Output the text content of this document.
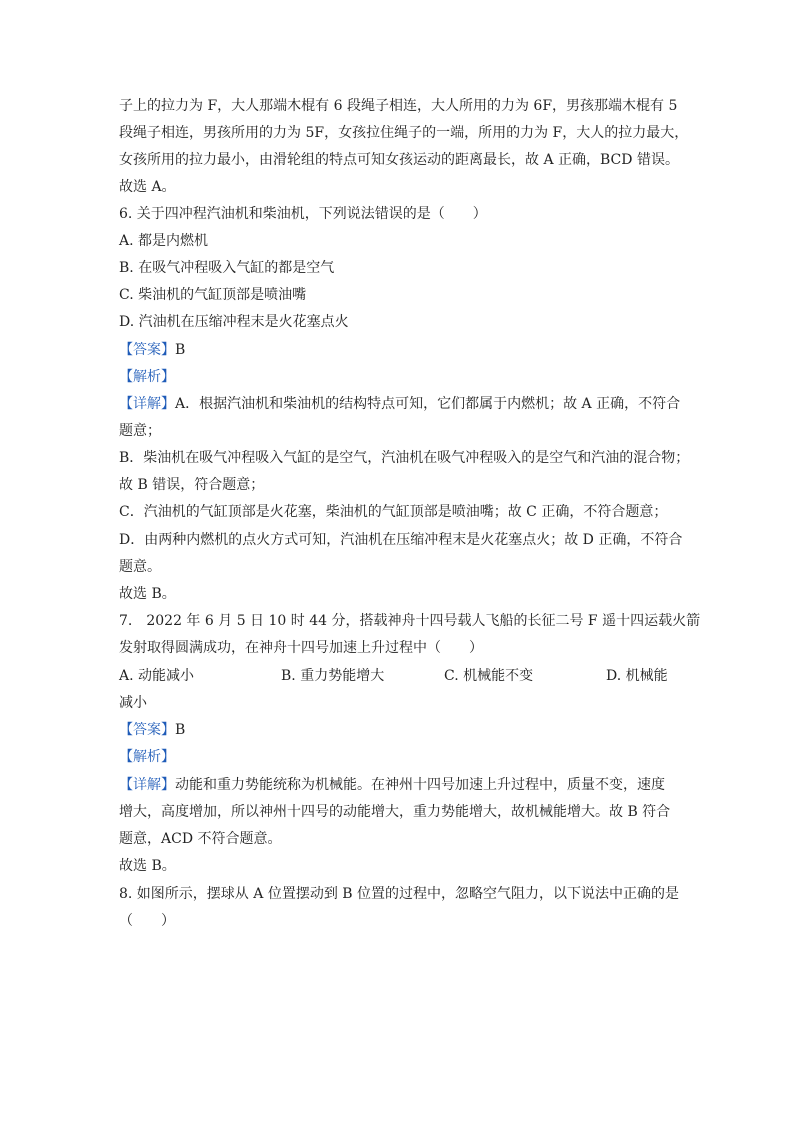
子上的拉力为 F，大人那端木棍有 6 段绳子相连，大人所用的力为 6F，男孩那端木棍有 5
段绳子相连，男孩所用的力为 5F，女孩拉住绳子的一端，所用的力为 F，大人的拉力最大，
女孩所用的拉力最小，由滑轮组的特点可知女孩运动的距离最长，故 A 正确，BCD 错误。
故选 A。
6. 关于四冲程汽油机和柴油机，下列说法错误的是（　　）
A. 都是内燃机
B. 在吸气冲程吸入气缸的都是空气
C. 柴油机的气缸顶部是喷油嘴
D. 汽油机在压缩冲程末是火花塞点火
【答案】B
【解析】
【详解】A．根据汽油机和柴油机的结构特点可知，它们都属于内燃机；故 A 正确，不符合
题意；
B．柴油机在吸气冲程吸入气缸的是空气，汽油机在吸气冲程吸入的是空气和汽油的混合物；
故 B 错误，符合题意；
C．汽油机的气缸顶部是火花塞，柴油机的气缸顶部是喷油嘴；故 C 正确，不符合题意；
D．由两种内燃机的点火方式可知，汽油机在压缩冲程末是火花塞点火；故 D 正确，不符合
题意。
故选 B。
7.　2022 年 6 月 5 日 10 时 44 分，搭载神舟十四号载人飞船的长征二号 F 遥十四运载火箭
发射取得圆满成功，在神舟十四号加速上升过程中（　　）
A. 动能减小	B. 重力势能增大	C. 机械能不变	D. 机械能
减小
【答案】B
【解析】
【详解】动能和重力势能统称为机械能。在神州十四号加速上升过程中，质量不变，速度
增大，高度增加，所以神州十四号的动能增大，重力势能增大，故机械能增大。故 B 符合
题意，ACD 不符合题意。
故选 B。
8. 如图所示，摆球从 A 位置摆动到 B 位置的过程中，忽略空气阻力，以下说法中正确的是
（　　）
